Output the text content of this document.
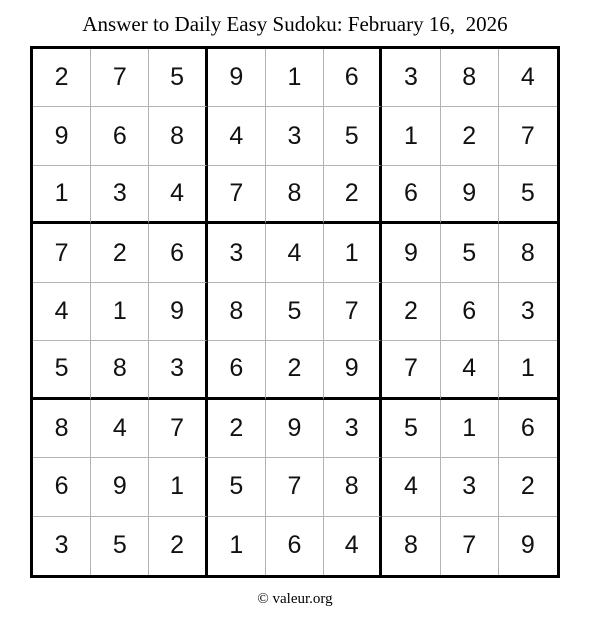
Answer to Daily Easy Sudoku: February 16,  2026
2	7	5	9	1	6	3	8	4
9	6	8	4	3	5	1	2	7
1	3	4	7	8	2	6	9	5
7	2	6	3	4	1	9	5	8
4	1	9	8	5	7	2	6	3
5	8	3	6	2	9	7	4	1
8	4	7	2	9	3	5	1	6
6	9	1	5	7	8	4	3	2
3	5	2	1	6	4	8	7	9
© valeur.org
